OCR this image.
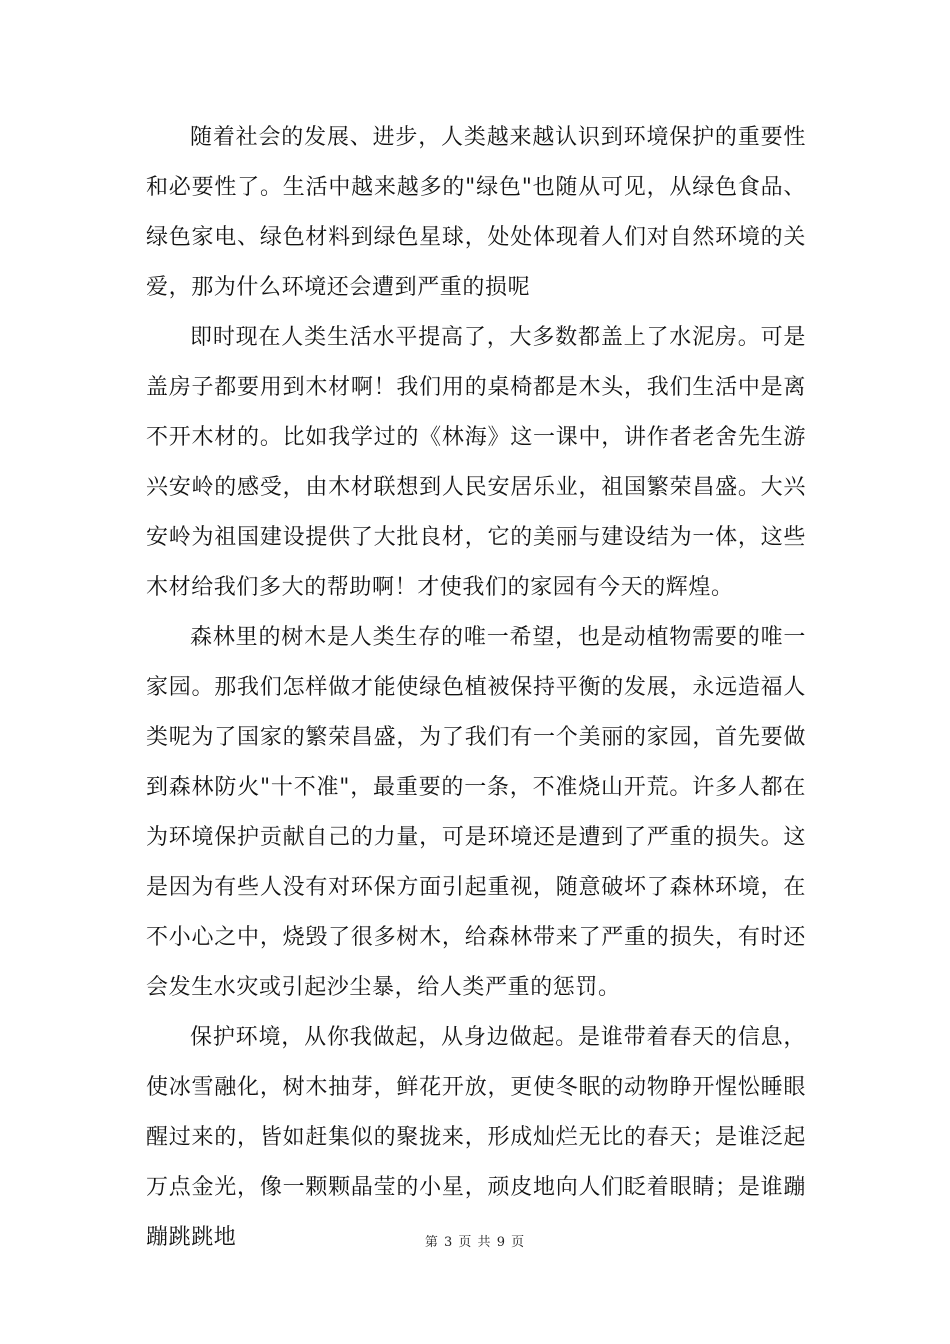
随着社会的发展、进步，人类越来越认识到环境保护的重要性和必要性了。生活中越来越多的"绿色"也随从可见，从绿色食品、绿色家电、绿色材料到绿色星球，处处体现着人们对自然环境的关爱，那为什么环境还会遭到严重的损呢

即时现在人类生活水平提高了，大多数都盖上了水泥房。可是盖房子都要用到木材啊！我们用的桌椅都是木头，我们生活中是离不开木材的。比如我学过的《林海》这一课中，讲作者老舍先生游兴安岭的感受，由木材联想到人民安居乐业，祖国繁荣昌盛。大兴安岭为祖国建设提供了大批良材，它的美丽与建设结为一体，这些木材给我们多大的帮助啊！才使我们的家园有今天的辉煌。

森林里的树木是人类生存的唯一希望，也是动植物需要的唯一家园。那我们怎样做才能使绿色植被保持平衡的发展，永远造福人类呢为了国家的繁荣昌盛，为了我们有一个美丽的家园，首先要做到森林防火"十不准"，最重要的一条，不准烧山开荒。许多人都在为环境保护贡献自己的力量，可是环境还是遭到了严重的损失。这是因为有些人没有对环保方面引起重视，随意破坏了森林环境，在不小心之中，烧毁了很多树木，给森林带来了严重的损失，有时还会发生水灾或引起沙尘暴，给人类严重的惩罚。

保护环境，从你我做起，从身边做起。是谁带着春天的信息，使冰雪融化，树木抽芽，鲜花开放，更使冬眠的动物睁开惺忪睡眼醒过来的，皆如赶集似的聚拢来，形成灿烂无比的春天；是谁泛起万点金光，像一颗颗晶莹的小星，顽皮地向人们眨着眼睛；是谁蹦蹦跳跳地	第 3 页 共 9 页
